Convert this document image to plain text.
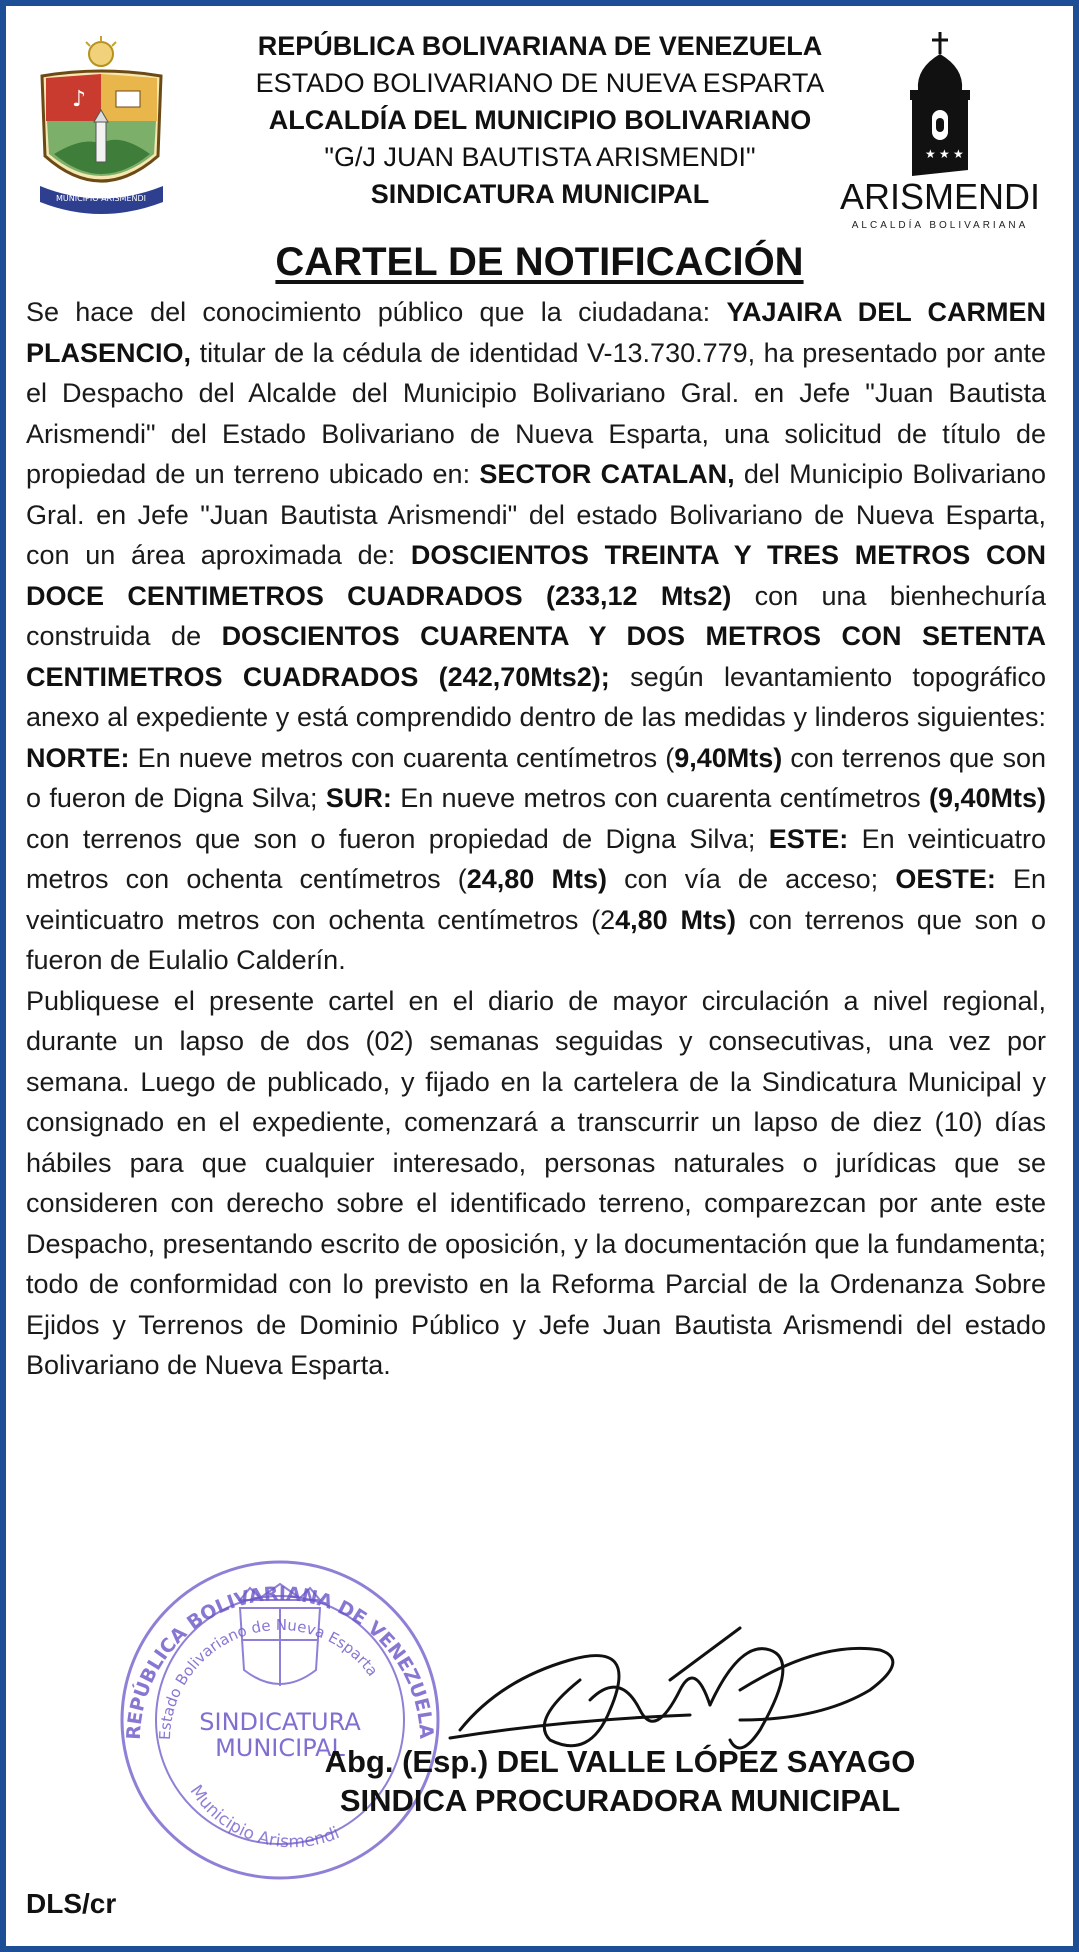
♪
MUNICIPIO ARISMENDI
REPÚBLICA BOLIVARIANA DE VENEZUELA
ESTADO BOLIVARIANO DE NUEVA ESPARTA
ALCALDÍA DEL MUNICIPIO BOLIVARIANO
"G/J JUAN BAUTISTA ARISMENDI"
SINDICATURA MUNICIPAL
★ ★ ★
ARISMENDI
ALCALDÍA BOLIVARIANA
CARTEL DE NOTIFICACIÓN

Se hace del conocimiento público que la ciudadana: YAJAIRA DEL CARMEN PLASENCIO, titular de la cédula de identidad V-13.730.779, ha presentado por ante el Despacho del Alcalde del Municipio Bolivariano Gral. en Jefe "Juan Bautista Arismendi" del Estado Bolivariano de Nueva Esparta, una solicitud de título de propiedad de un terreno ubicado en: SECTOR CATALAN, del Municipio Bolivariano Gral. en Jefe "Juan Bautista Arismendi" del estado Bolivariano de Nueva Esparta, con un área aproximada de: DOSCIENTOS TREINTA Y TRES METROS CON DOCE CENTIMETROS CUADRADOS (233,12 Mts2) con una bienhechuría construida de DOSCIENTOS CUARENTA Y DOS METROS CON SETENTA CENTIMETROS CUADRADOS (242,70Mts2); según levantamiento topográfico anexo al expediente y está comprendido dentro de las medidas y linderos siguientes: NORTE: En nueve metros con cuarenta centímetros (9,40Mts) con terrenos que son o fueron de Digna Silva; SUR: En nueve metros con cuarenta centímetros (9,40Mts) con terrenos que son o fueron propiedad de Digna Silva; ESTE: En veinticuatro metros con ochenta centímetros (24,80 Mts) con vía de acceso; OESTE: En veinticuatro metros con ochenta centímetros (24,80 Mts) con terrenos que son o fueron de Eulalio Calderín.

Publiquese el presente cartel en el diario de mayor circulación a nivel regional, durante un lapso de dos (02) semanas seguidas y consecutivas, una vez por semana. Luego de publicado, y fijado en la cartelera de la Sindicatura Municipal y consignado en el expediente, comenzará a transcurrir un lapso de diez (10) días hábiles para que cualquier interesado, personas naturales o jurídicas que se consideren con derecho sobre el identificado terreno, comparezcan por ante este Despacho, presentando escrito de oposición, y la documentación que la fundamenta; todo de conformidad con lo previsto en la Reforma Parcial de la Ordenanza Sobre Ejidos y Terrenos de Dominio Público y Jefe Juan Bautista Arismendi del estado Bolivariano de Nueva Esparta.

REPÚBLICA BOLIVARIANA DE VENEZUELA
Estado Bolivariano de Nueva Esparta
SINDICATURA
MUNICIPAL
Municipio Arismendi
Abg. (Esp.) DEL VALLE LÓPEZ SAYAGO
SINDICA PROCURADORA MUNICIPAL
DLS/cr
